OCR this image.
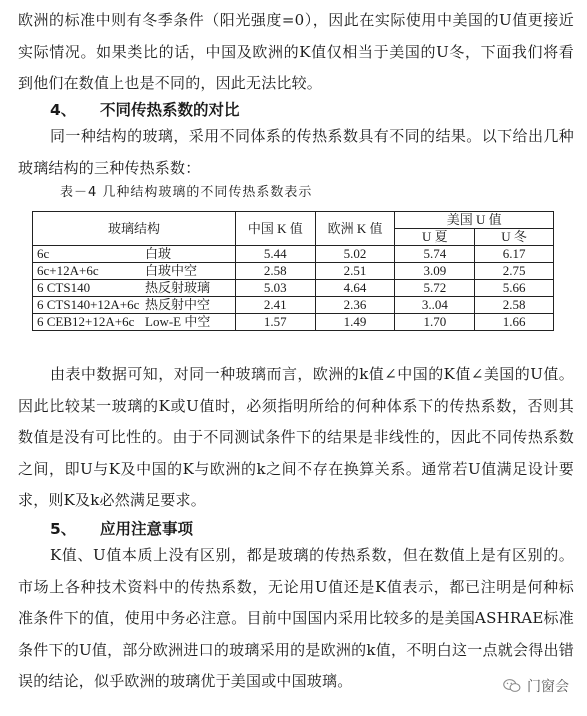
欧洲的标准中则有冬季条件（阳光强度=0），因此在实际使用中美国的U值更接近实际情况。如果类比的话，中国及欧洲的K值仅相当于美国的U冬，下面我们将看到他们在数值上也是不同的，因此无法比较。

4、 不同传热系数的对比

同一种结构的玻璃，采用不同体系的传热系数具有不同的结果。以下给出几种玻璃结构的三种传热系数：

表－4 几种结构玻璃的不同传热系数表示

玻璃结构	中国 K 值	欧洲 K 值	美国 U 值	
			U 夏	U 冬
6c 白玻	5.44	5.02	5.74	6.17
6c+12A+6c 白玻中空	2.58	2.51	3.09	2.75
6 CTS140 热反射玻璃	5.03	4.64	5.72	5.66
6 CTS140+12A+6c 热反射中空	2.41	2.36	3..04	2.58
6 CEB12+12A+6c Low-E 中空	1.57	1.49	1.70	1.66

由表中数据可知，对同一种玻璃而言，欧洲的k值∠中国的K值∠美国的U值。因此比较某一玻璃的K或U值时，必须指明所给的何种体系下的传热系数，否则其数值是没有可比性的。由于不同测试条件下的结果是非线性的，因此不同传热系数之间，即U与K及中国的K与欧洲的k之间不存在换算关系。通常若U值满足设计要求，则K及k必然满足要求。

5、 应用注意事项

K值、U值本质上没有区别，都是玻璃的传热系数，但在数值上是有区别的。市场上各种技术资料中的传热系数，无论用U值还是K值表示，都已注明是何种标准条件下的值，使用中务必注意。目前中国国内采用比较多的是美国ASHRAE标准条件下的U值，部分欧洲进口的玻璃采用的是欧洲的k值，不明白这一点就会得出错误的结论，似乎欧洲的玻璃优于美国或中国玻璃。	门窗会
